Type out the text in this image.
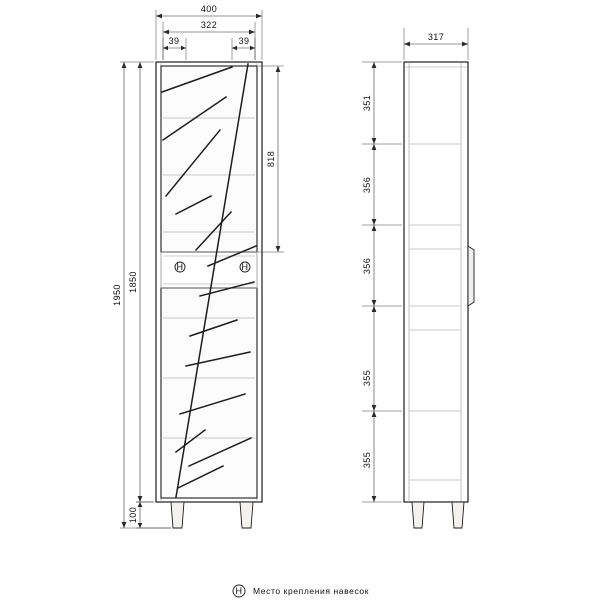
H	H
400
322
39	39
818
1850
1950
100
317
351
356
356
355
355
H Место крепления навесок
